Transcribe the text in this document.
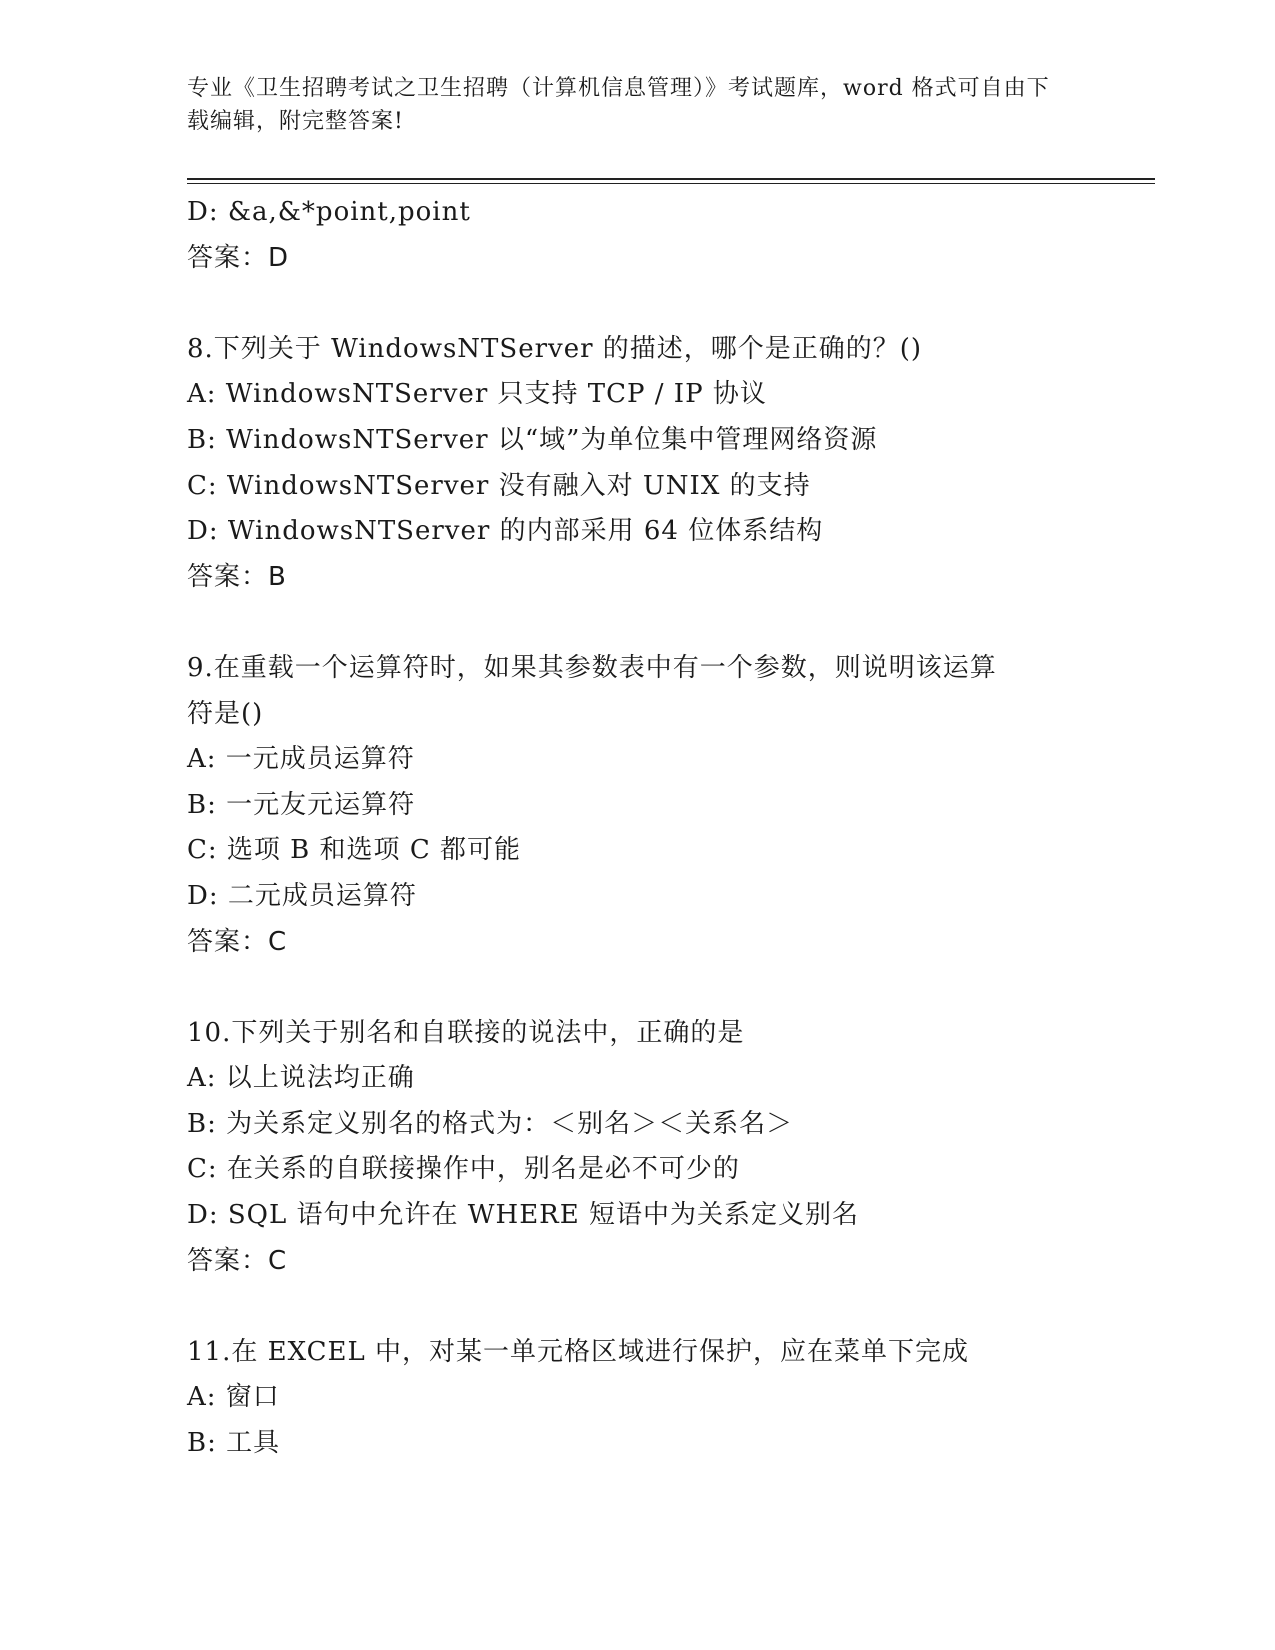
专业《卫生招聘考试之卫生招聘（计算机信息管理）》考试题库，word 格式可自由下载编辑，附完整答案!
D: &a,&*point,point
答案：D
8.下列关于 WindowsNTServer 的描述，哪个是正确的？()
A: WindowsNTServer 只支持 TCP / IP 协议
B: WindowsNTServer 以“域”为单位集中管理网络资源
C: WindowsNTServer 没有融入对 UNIX 的支持
D: WindowsNTServer 的内部采用 64 位体系结构
答案：B
9.在重载一个运算符时，如果其参数表中有一个参数，则说明该运算
符是()
A: 一元成员运算符
B: 一元友元运算符
C: 选项 B 和选项 C 都可能
D: 二元成员运算符
答案：C
10.下列关于别名和自联接的说法中，正确的是
A: 以上说法均正确
B: 为关系定义别名的格式为：＜别名＞＜关系名＞
C: 在关系的自联接操作中，别名是必不可少的
D: SQL 语句中允许在 WHERE 短语中为关系定义别名
答案：C
11.在 EXCEL 中，对某一单元格区域进行保护，应在菜单下完成
A: 窗口
B: 工具
